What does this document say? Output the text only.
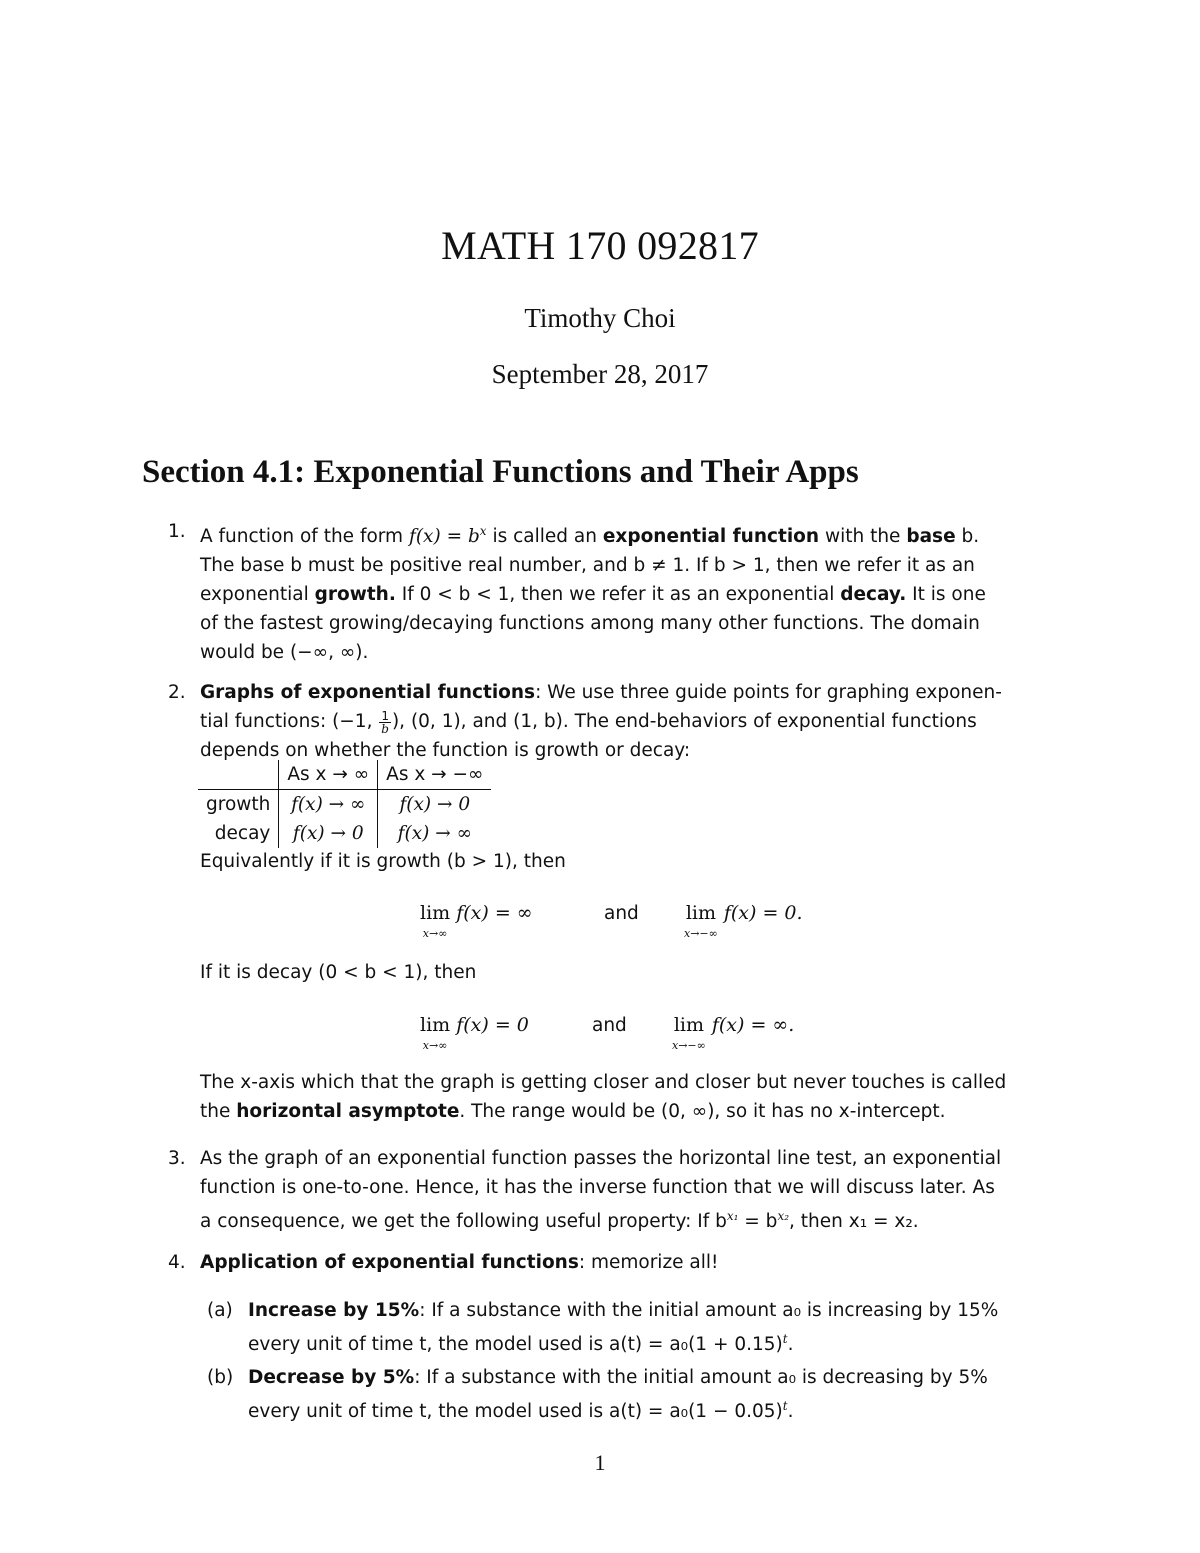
MATH 170 092817
Timothy Choi
September 28, 2017
Section 4.1: Exponential Functions and Their Apps
1. A function of the form $f(x) = b^x$ is called an exponential function with the base b.
The base b must be positive real number, and b ≠ 1. If b > 1, then we refer it as an
exponential growth. If 0 < b < 1, then we refer it as an exponential decay. It is one
of the fastest growing/decaying functions among many other functions. The domain
would be (−∞, ∞).
2. Graphs of exponential functions: We use three guide points for graphing exponen-
tial functions: (−1, $\frac{1}{b}$ ), (0, 1), and (1, b). The end-behaviors of exponential functions
depends on whether the function is growth or decay:
	As x → ∞	As x → −∞
growth	f(x) → ∞	f(x) → 0
decay	f(x) → 0	f(x) → ∞
Equivalently if it is growth (b > 1), then
lim
x→∞
f(x) = ∞	and lim
x→−∞
f(x) = 0.
If it is decay (0 < b < 1), then
lim
x→∞
f(x) = 0	and lim
x→−∞
f(x) = ∞.
The x-axis which that the graph is getting closer and closer but never touches is called
the horizontal asymptote. The range would be (0, ∞), so it has no x-intercept.
3. As the graph of an exponential function passes the horizontal line test, an exponential
function is one-to-one. Hence, it has the inverse function that we will discuss later. As
a consequence, we get the following useful property: If $b^{x_1} = b^{x_2}$, then x₁ = x₂.
4. Application of exponential functions: memorize all!
(a) Increase by 15%: If a substance with the initial amount a₀ is increasing by 15%
every unit of time t, the model used is $a(t) = a_0(1 + 0.15)^t$.
(b) Decrease by 5%: If a substance with the initial amount a₀ is decreasing by 5%
every unit of time t, the model used is $a(t) = a_0(1 - 0.05)^t$.
1
